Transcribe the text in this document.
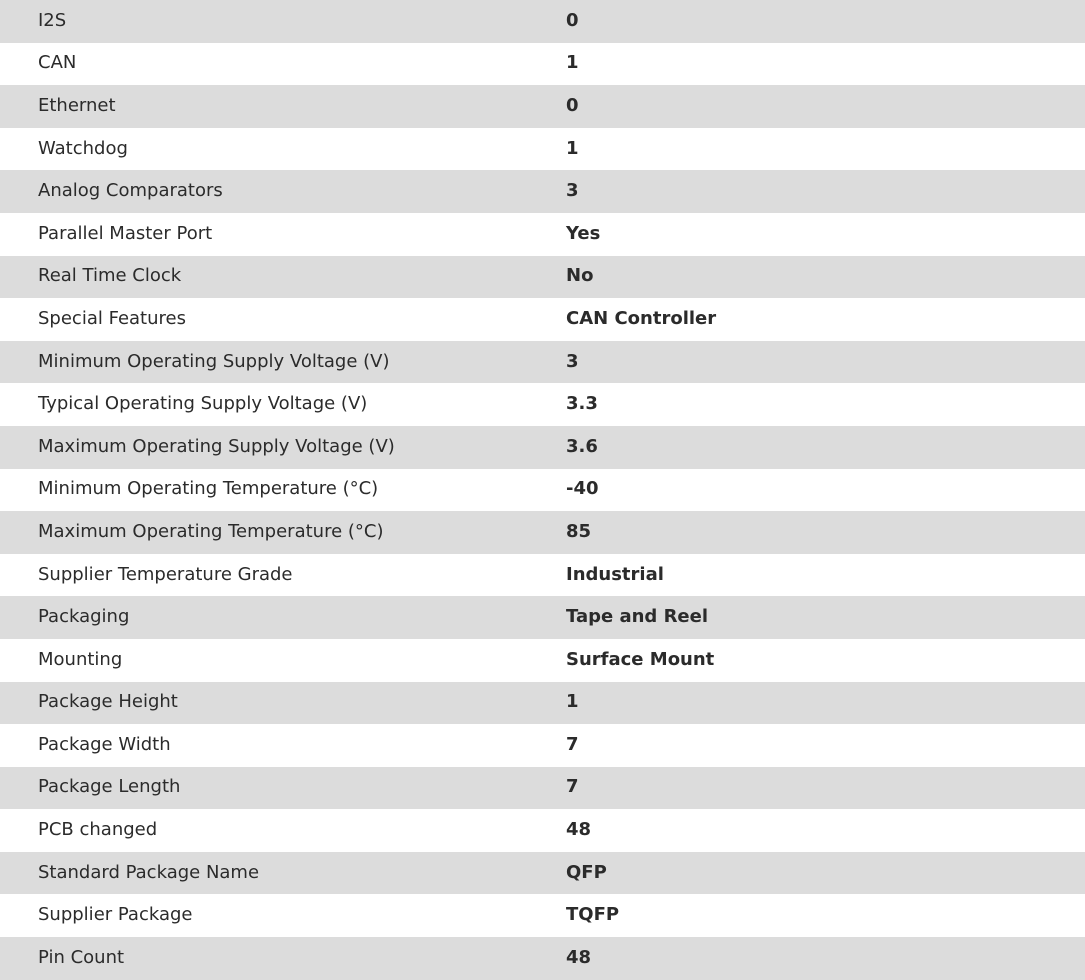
I2S	0
CAN	1
Ethernet	0
Watchdog	1
Analog Comparators	3
Parallel Master Port	Yes
Real Time Clock	No
Special Features	CAN Controller
Minimum Operating Supply Voltage (V)	3
Typical Operating Supply Voltage (V)	3.3
Maximum Operating Supply Voltage (V)	3.6
Minimum Operating Temperature (°C)	-40
Maximum Operating Temperature (°C)	85
Supplier Temperature Grade	Industrial
Packaging	Tape and Reel
Mounting	Surface Mount
Package Height	1
Package Width	7
Package Length	7
PCB changed	48
Standard Package Name	QFP
Supplier Package	TQFP
Pin Count	48
